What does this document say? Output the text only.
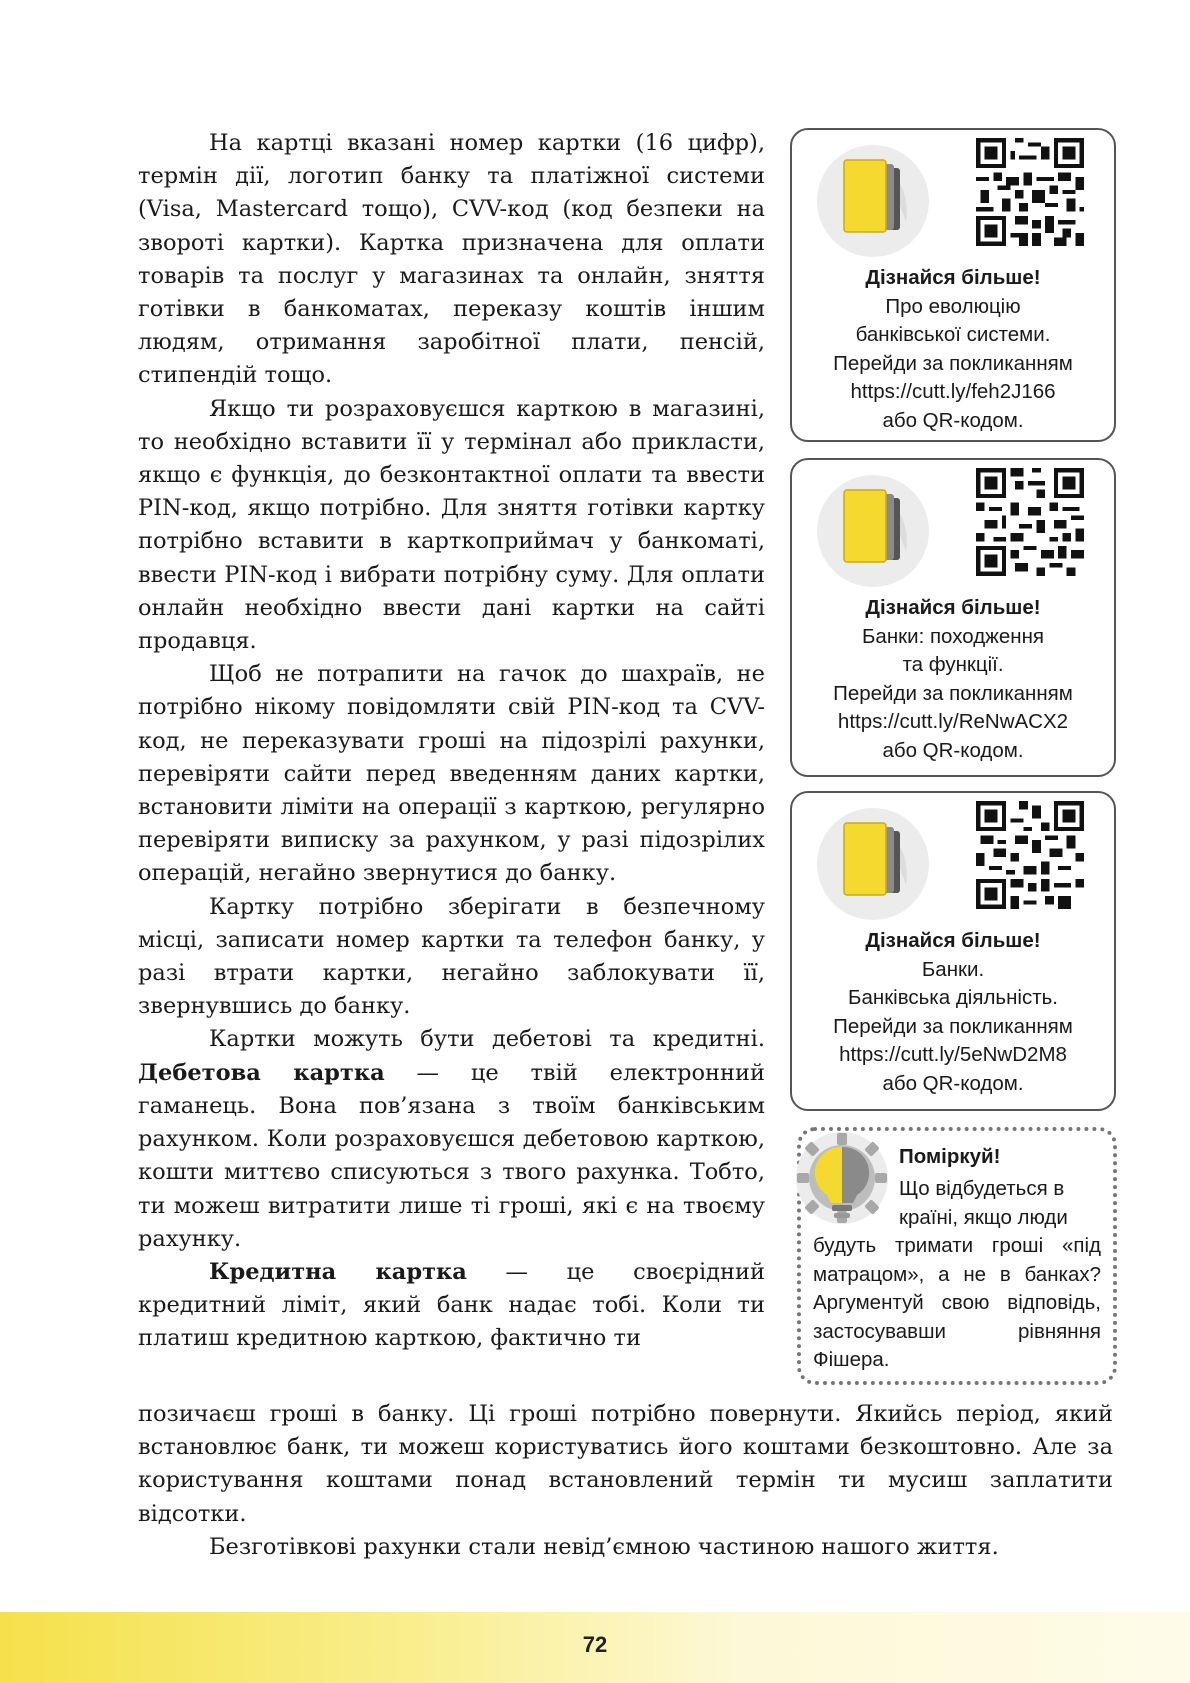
На картці вказані номер картки (16 цифр), термін дії, логотип банку та платіжної системи (Visa, Mastercard тощо), CVV-код (код безпеки на звороті картки). Картка призначена для оплати товарів та послуг у магазинах та онлайн, зняття готівки в банкоматах, переказу коштів іншим людям, отримання заробітної плати, пенсій, стипендій тощо.

Якщо ти розраховуєшся карткою в магазині, то необхідно вставити її у термінал або прикласти, якщо є функція, до безконтактної оплати та ввести PIN-код, якщо потрібно. Для зняття готівки картку потрібно вставити в карткоприймач у банкоматі, ввести PIN-код і вибрати потрібну суму. Для оплати онлайн необхідно ввести дані картки на сайті продавця.

Щоб не потрапити на гачок до шахраїв, не потрібно нікому повідомляти свій PIN-код та CVV-код, не переказувати гроші на підозрілі рахунки, перевіряти сайти перед введенням даних картки, встановити ліміти на операції з карткою, регулярно перевіряти виписку за рахунком, у разі підозрілих операцій, негайно звернутися до банку.

Картку потрібно зберігати в безпечному місці, записати номер картки та телефон банку, у разі втрати картки, негайно заблокувати її, звернувшись до банку.

Картки можуть бути дебетові та кредитні. Дебетова картка — це твій електронний гаманець. Вона пов’язана з твоїм банківським рахунком. Коли розраховуєшся дебетовою карткою, кошти миттєво списуються з твого рахунка. Тобто, ти можеш витратити лише ті гроші, які є на твоєму рахунку.

Кредитна картка — це своєрідний кредитний ліміт, який банк надає тобі. Коли ти платиш кредитною карткою, фактично ти

позичаєш гроші в банку. Ці гроші потрібно повернути. Якийсь період, який встановлює банк, ти можеш користуватись його коштами безкоштовно. Але за користування коштами понад встановлений термін ти мусиш заплатити відсотки.

Безготівкові рахунки стали невід’ємною частиною нашого життя.

Дізнайся більше!
Про еволюцію
банківської системи.
Перейди за покликанням
https://cutt.ly/feh2J166
або QR-кодом.
Дізнайся більше!
Банки: походження
та функції.
Перейди за покликанням
https://cutt.ly/ReNwACX2
або QR-кодом.
Дізнайся більше!
Банки.
Банківська діяльність.
Перейди за покликанням
https://cutt.ly/5eNwD2M8
або QR-кодом.
Поміркуй!
Що відбудеться в
країні, якщо люди
будуть тримати гроші «під матрацом», а не в банках? Аргументуй свою відповідь, застосувавши рівняння Фішера.
72
